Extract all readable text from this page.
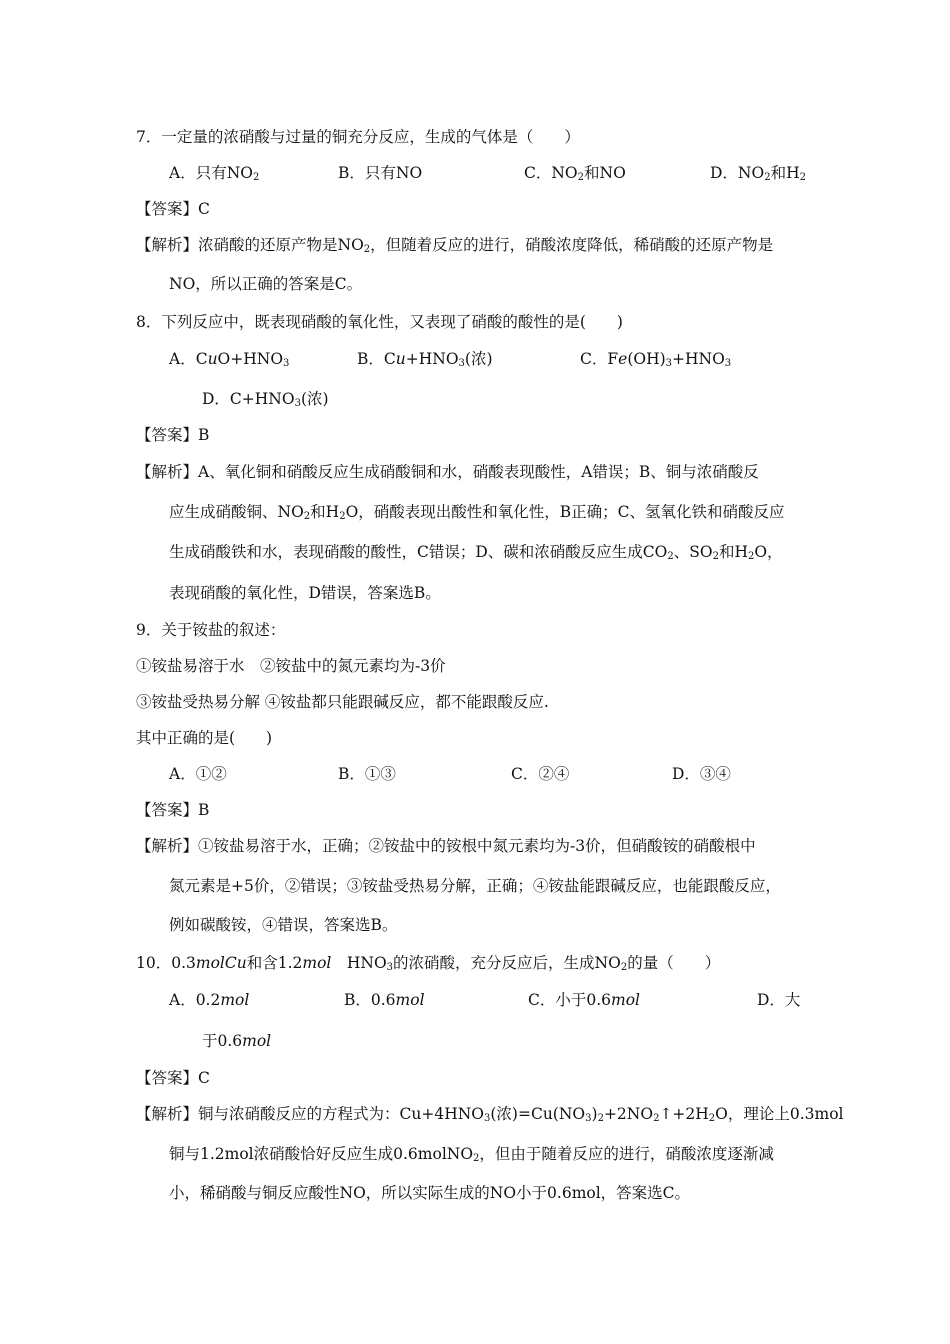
7．一定量的浓硝酸与过量的铜充分反应，生成的气体是（　　）
A．只有$NO_2$	B．只有NO	C．$NO_2$和NO	D．$NO_2$和$H_2$
【答案】C
【解析】浓硝酸的还原产物是$NO_2$，但随着反应的进行，硝酸浓度降低，稀硝酸的还原产物是
NO，所以正确的答案是C。
8．下列反应中，既表现硝酸的氧化性，又表现了硝酸的酸性的是(　　)
A．$CuO+HNO_3$	B．$Cu+HNO_3$(浓)	C．$Fe(OH)_3+HNO_3$
D．$C+HNO_3$(浓)
【答案】B
【解析】A、氧化铜和硝酸反应生成硝酸铜和水，硝酸表现酸性，A错误；B、铜与浓硝酸反
应生成硝酸铜、$NO_2$和$H_2O$，硝酸表现出酸性和氧化性，B正确；C、氢氧化铁和硝酸反应
生成硝酸铁和水，表现硝酸的酸性，C错误；D、碳和浓硝酸反应生成$CO_2$、$SO_2$和$H_2O$，
表现硝酸的氧化性，D错误，答案选B。
9．关于铵盐的叙述：
①铵盐易溶于水　②铵盐中的氮元素均为-3价
③铵盐受热易分解 ④铵盐都只能跟碱反应，都不能跟酸反应.
其中正确的是(　　)
A．①②	B．①③	C．②④	D．③④
【答案】B
【解析】①铵盐易溶于水，正确；②铵盐中的铵根中氮元素均为-3价，但硝酸铵的硝酸根中
氮元素是+5价，②错误；③铵盐受热易分解，正确；④铵盐能跟碱反应，也能跟酸反应，
例如碳酸铵，④错误，答案选B。
10．0.3molCu和含1.2mol　$HNO_3$的浓硝酸，充分反应后，生成$NO_2$的量（　　）
A．0.2mol	B．0.6mol	C．小于0.6mol	D．大
于0.6mol
【答案】C
【解析】铜与浓硝酸反应的方程式为：$Cu+4HNO_3$(浓)$=Cu(NO_3)_2+2NO_2↑+2H_2O$，理论上0.3mol
铜与1.2mol浓硝酸恰好反应生成0.6molNO$_2$，但由于随着反应的进行，硝酸浓度逐渐减
小，稀硝酸与铜反应酸性NO，所以实际生成的NO小于0.6mol，答案选C。
